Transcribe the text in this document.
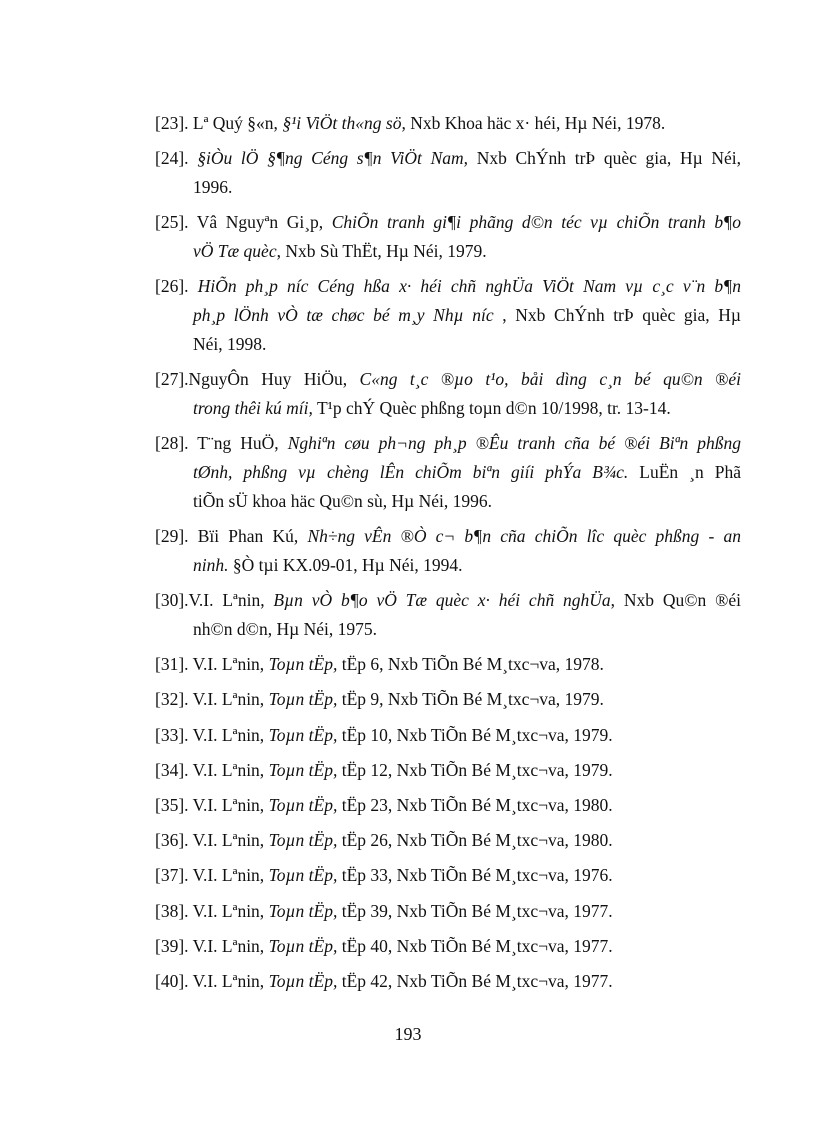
[23]. Lª Quý §«n, §¹i ViÖt th«ng sö, Nxb Khoa häc x· héi, Hµ Néi, 1978.
[24]. §iÒu lÖ §¶ng Céng s¶n ViÖt Nam, Nxb ChÝnh trÞ quèc gia, Hµ Néi,
1996.
[25]. Vâ Nguyªn Gi¸p, ChiÕn tranh gi¶i phãng d©n téc vµ chiÕn tranh b¶o
vÖ Tæ quèc, Nxb Sù ThËt, Hµ Néi, 1979.
[26]. HiÕn ph¸p níc Céng hßa x· héi chñ nghÜa ViÖt Nam vµ c¸c v¨n b¶n
ph¸p lÖnh vÒ tæ chøc bé m¸y Nhµ níc , Nxb ChÝnh trÞ quèc gia, Hµ
Néi, 1998.
[27].NguyÔn Huy HiÖu, C«ng t¸c ®µo t¹o, båi dìng c¸n bé qu©n ®éi
trong thêi kú míi, T¹p chÝ Quèc phßng toµn d©n 10/1998, tr. 13-14.
[28]. T¨ng HuÖ, Nghiªn cøu ph¬ng ph¸p ®Êu tranh cña bé ®éi Biªn phßng
tØnh, phßng vµ chèng lÊn chiÕm biªn giíi phÝa B¾c. LuËn ¸n Phã
tiÕn sÜ khoa häc Qu©n sù, Hµ Néi, 1996.
[29]. Bïi Phan Kú, Nh÷ng vÊn ®Ò c¬ b¶n cña chiÕn lîc quèc phßng - an
ninh. §Ò tµi KX.09-01, Hµ Néi, 1994.
[30].V.I. Lªnin, Bµn vÒ b¶o vÖ Tæ quèc x· héi chñ nghÜa, Nxb Qu©n ®éi
nh©n d©n, Hµ Néi, 1975.
[31]. V.I. Lªnin, Toµn tËp, tËp 6, Nxb TiÕn Bé M¸txc¬va, 1978.
[32]. V.I. Lªnin, Toµn tËp, tËp 9, Nxb TiÕn Bé M¸txc¬va, 1979.
[33]. V.I. Lªnin, Toµn tËp, tËp 10, Nxb TiÕn Bé M¸txc¬va, 1979.
[34]. V.I. Lªnin, Toµn tËp, tËp 12, Nxb TiÕn Bé M¸txc¬va, 1979.
[35]. V.I. Lªnin, Toµn tËp, tËp 23, Nxb TiÕn Bé M¸txc¬va, 1980.
[36]. V.I. Lªnin, Toµn tËp, tËp 26, Nxb TiÕn Bé M¸txc¬va, 1980.
[37]. V.I. Lªnin, Toµn tËp, tËp 33, Nxb TiÕn Bé M¸txc¬va, 1976.
[38]. V.I. Lªnin, Toµn tËp, tËp 39, Nxb TiÕn Bé M¸txc¬va, 1977.
[39]. V.I. Lªnin, Toµn tËp, tËp 40, Nxb TiÕn Bé M¸txc¬va, 1977.
[40]. V.I. Lªnin, Toµn tËp, tËp 42, Nxb TiÕn Bé M¸txc¬va, 1977.
193
